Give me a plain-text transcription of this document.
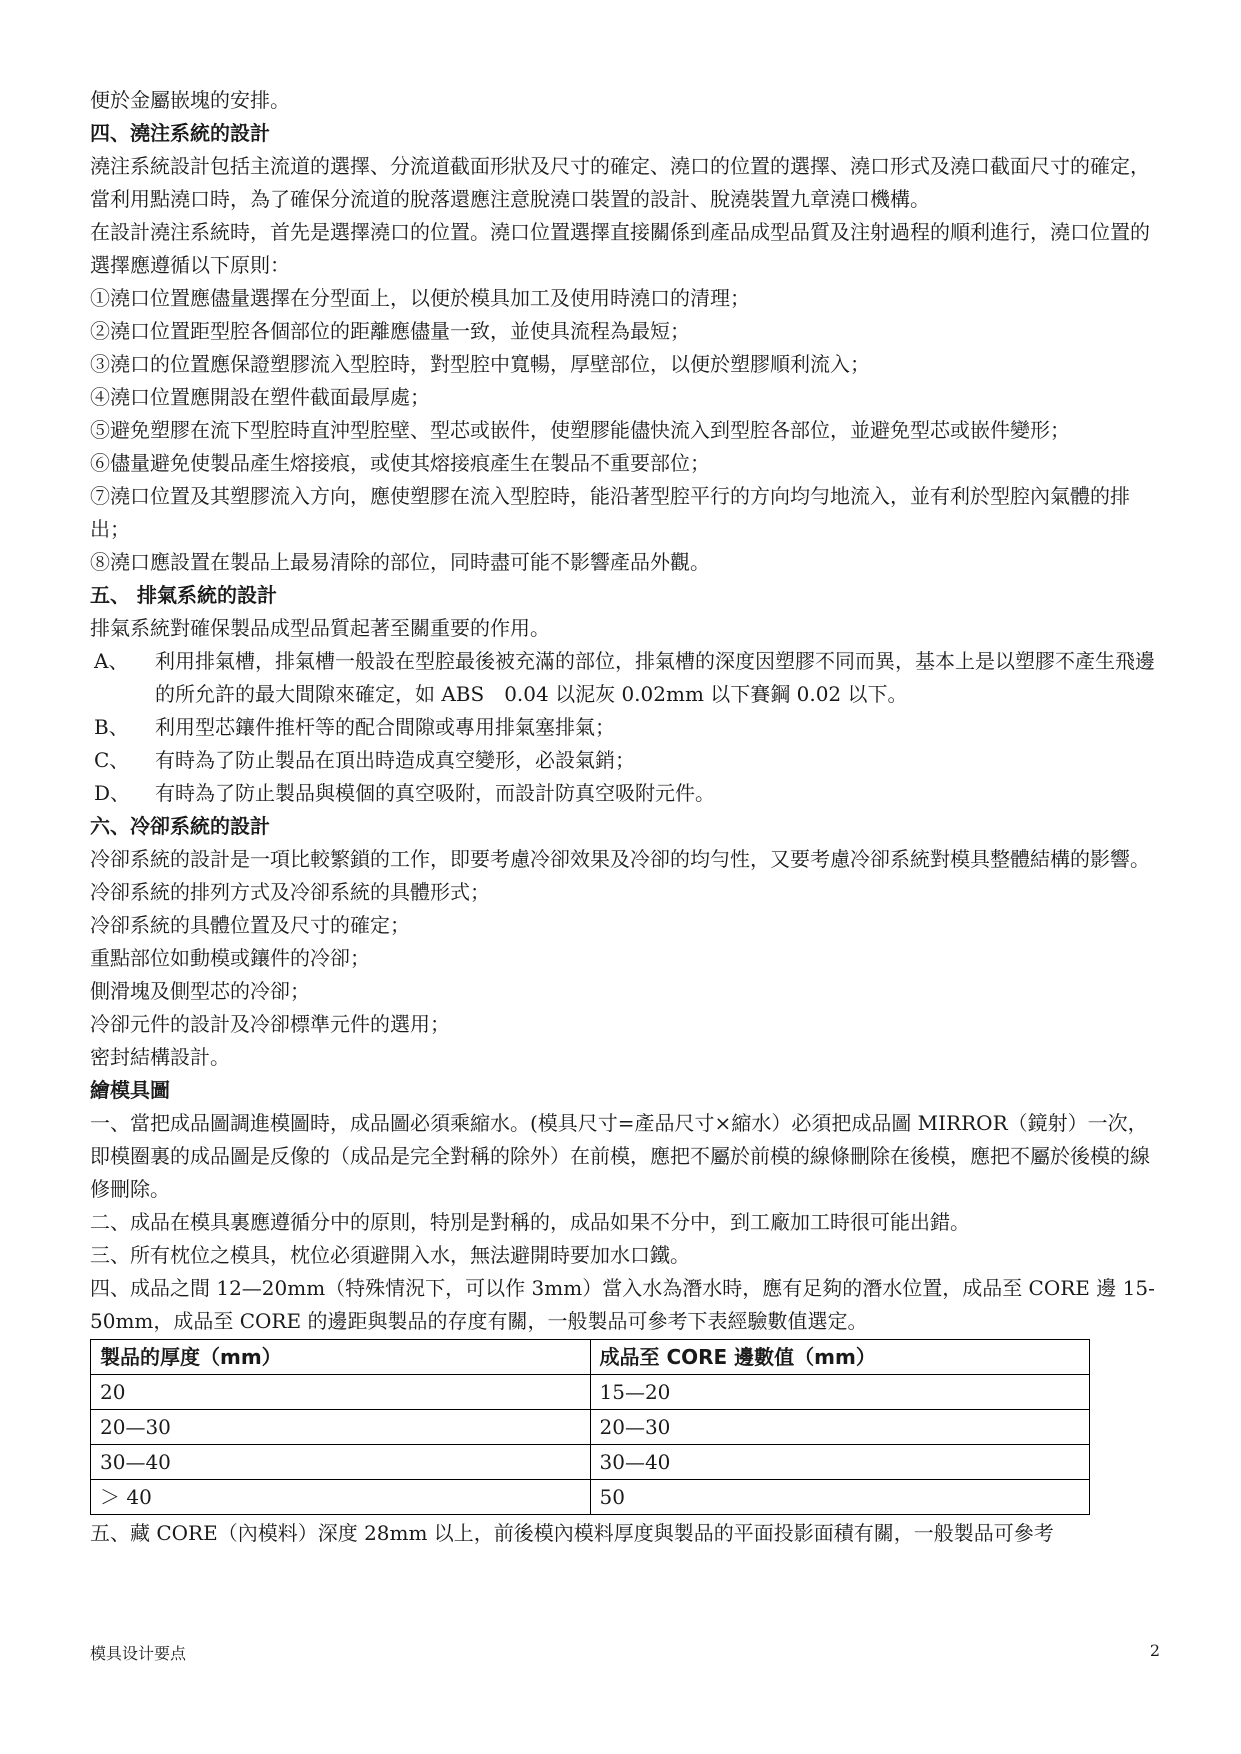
便於金屬嵌塊的安排。

四、澆注系統的設計

澆注系統設計包括主流道的選擇、分流道截面形狀及尺寸的確定、澆口的位置的選擇、澆口形式及澆口截面尺寸的確定，當利用點澆口時，為了確保分流道的脫落還應注意脫澆口裝置的設計、脫澆裝置九章澆口機構。

在設計澆注系統時，首先是選擇澆口的位置。澆口位置選擇直接關係到產品成型品質及注射過程的順利進行，澆口位置的選擇應遵循以下原則：

①澆口位置應儘量選擇在分型面上，以便於模具加工及使用時澆口的清理；

②澆口位置距型腔各個部位的距離應儘量一致，並使具流程為最短；

③澆口的位置應保證塑膠流入型腔時，對型腔中寬暢，厚壁部位，以便於塑膠順利流入；

④澆口位置應開設在塑件截面最厚處；

⑤避免塑膠在流下型腔時直沖型腔壁、型芯或嵌件，使塑膠能儘快流入到型腔各部位，並避免型芯或嵌件變形；

⑥儘量避免使製品產生熔接痕，或使其熔接痕產生在製品不重要部位；

⑦澆口位置及其塑膠流入方向，應使塑膠在流入型腔時，能沿著型腔平行的方向均勻地流入，並有利於型腔內氣體的排出；

⑧澆口應設置在製品上最易清除的部位，同時盡可能不影響產品外觀。

五、 排氣系統的設計

排氣系統對確保製品成型品質起著至關重要的作用。

A、	利用排氣槽，排氣槽一般設在型腔最後被充滿的部位，排氣槽的深度因塑膠不同而異，基本上是以塑膠不產生飛邊的所允許的最大間隙來確定，如 ABS　0.04 以泥灰 0.02mm 以下賽鋼 0.02 以下。
B、	利用型芯鑲件推杆等的配合間隙或專用排氣塞排氣；
C、	有時為了防止製品在頂出時造成真空變形，必設氣銷；
D、	有時為了防止製品與模個的真空吸附，而設計防真空吸附元件。

六、冷卻系統的設計

冷卻系統的設計是一項比較繁鎖的工作，即要考慮冷卻效果及冷卻的均勻性，又要考慮冷卻系統對模具整體結構的影響。

冷卻系統的排列方式及冷卻系統的具體形式；

冷卻系統的具體位置及尺寸的確定；

重點部位如動模或鑲件的冷卻；

側滑塊及側型芯的冷卻；

冷卻元件的設計及冷卻標準元件的選用；

密封結構設計。

繪模具圖

一、當把成品圖調進模圖時，成品圖必須乘縮水。(模具尺寸=產品尺寸×縮水）必須把成品圖 MIRROR（鏡射）一次，即模圈裏的成品圖是反像的（成品是完全對稱的除外）在前模，應把不屬於前模的線條刪除在後模，應把不屬於後模的線修刪除。

二、成品在模具裏應遵循分中的原則，特別是對稱的，成品如果不分中，到工廠加工時很可能出錯。

三、所有枕位之模具，枕位必須避開入水，無法避開時要加水口鐵。

四、成品之間 12—20mm（特殊情況下，可以作 3mm）當入水為潛水時，應有足夠的潛水位置，成品至 CORE 邊 15-50mm，成品至 CORE 的邊距與製品的存度有關，一般製品可參考下表經驗數值選定。

製品的厚度（mm）	成品至 CORE 邊數值（mm）
20	15—20
20—30	20—30
30—40	30—40
＞ 40	50

五、藏 CORE（內模料）深度 28mm 以上，前後模內模料厚度與製品的平面投影面積有關，一般製品可參考

模具设计要点	2
